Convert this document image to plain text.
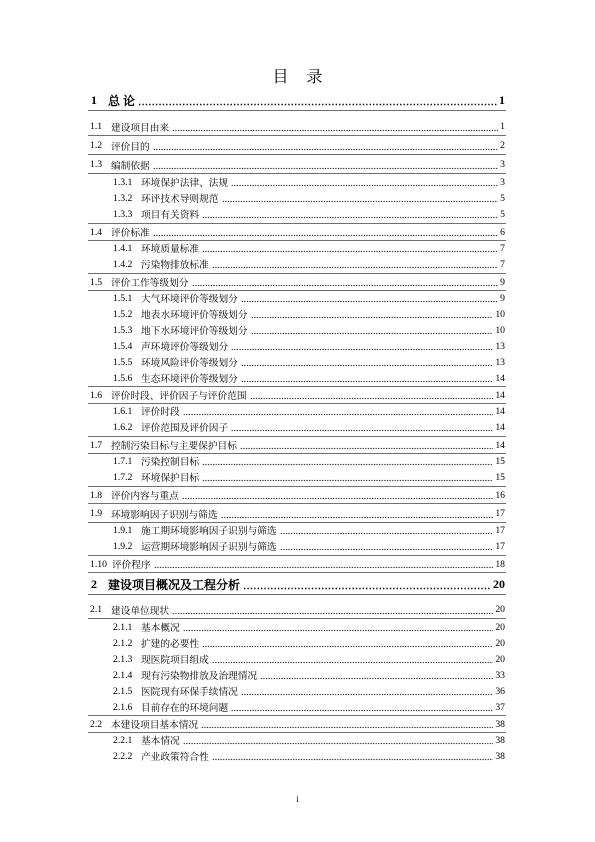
目 录
1 总 论	1
1.1 建设项目由来	1
1.2 评价目的	2
1.3 编制依据	3
1.3.1 环境保护法律、法规	3
1.3.2 环评技术导则规范	5
1.3.3 项目有关资料	5
1.4 评价标准	6
1.4.1 环境质量标准	7
1.4.2 污染物排放标准	7
1.5 评价工作等级划分	9
1.5.1 大气环境评价等级划分	9
1.5.2 地表水环境评价等级划分	10
1.5.3 地下水环境评价等级划分	10
1.5.4 声环境评价等级划分	13
1.5.5 环境风险评价等级划分	13
1.5.6 生态环境评价等级划分	14
1.6 评价时段、评价因子与评价范围	14
1.6.1 评价时段	14
1.6.2 评价范围及评价因子	14
1.7 控制污染目标与主要保护目标	14
1.7.1 污染控制目标	15
1.7.2 环境保护目标	15
1.8 评价内容与重点	16
1.9 环境影响因子识别与筛选	17
1.9.1 施工期环境影响因子识别与筛选	17
1.9.2 运营期环境影响因子识别与筛选	17
1.10 评价程序	18
2 建设项目概况及工程分析	20
2.1 建设单位现状	20
2.1.1 基本概况	20
2.1.2 扩建的必要性	20
2.1.3 现医院项目组成	20
2.1.4 现有污染物排放及治理情况	33
2.1.5 医院现有环保手续情况	36
2.1.6 目前存在的环境问题	37
2.2 本建设项目基本情况	38
2.2.1 基本情况	38
2.2.2 产业政策符合性	38
i
